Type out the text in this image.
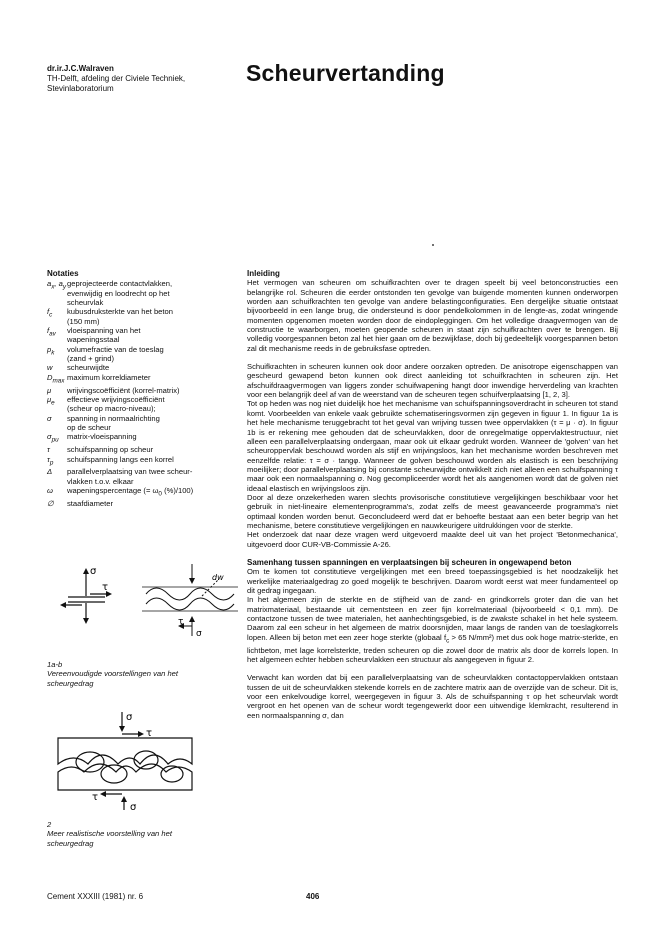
dr.ir.J.C.Walraven
TH-Delft, afdeling der Civiele Techniek,
Stevinlaboratorium
Scheurvertanding
Notaties
$a_x$, $a_y$ geprojecteerde contactvlakken,
evenwijdig en loodrecht op het
scheurvlak
$f_c$	kubusdruksterkte van het beton
(150 mm)
$f_{av}$	vloeispanning van het
wapeningsstaal
$p_k$	volumefractie van de toeslag
(zand + grind)
w	scheurwijdte
$D_{max}$ maximum korreldiameter
μ	wrijvingscoëfficiënt (korrel-matrix)
$\mu_e$	effectieve wrijvingscoëfficiënt
(scheur op macro-niveau);
σ	spanning in normaalrichting
op de scheur
$\sigma_{pu}$	matrix-vloeispanning
τ	schuifspanning op scheur
$\tau_p$	schuifspanning langs een korrel
Δ	parallelverplaatsing van twee scheur-
vlakken t.o.v. elkaar
ω	wapeningspercentage (= $\omega_0$ (%)/100)
∅	staafdiameter
σ
τ
dw
τ
σ
1a-b
Vereenvoudigde voorstellingen van het
scheurgedrag
σ
τ
τ
σ
2
Meer realistische voorstelling van het
scheurgedrag
Inleiding

Het vermogen van scheuren om schuifkrachten over te dragen speelt bij veel betonconstructies een belangrijke rol. Scheuren die eerder ontstonden ten gevolge van buigende momenten kunnen onderworpen worden aan schuifkrachten ten gevolge van andere belastingconfiguraties. Een dergelijke situatie ontstaat bijvoorbeeld in een lange brug, die ondersteund is door pendelkolommen in de lengte-as, zodat wringende momenten opgenomen moeten worden door de eindopleggingen. Om het volledige draagvermogen van de constructie te waarborgen, moeten geopende scheuren in staat zijn schuifkrachten over te brengen. Bij volledig voorgespannen beton zal het hier gaan om de bezwijkfase, doch bij gedeeltelijk voorgespannen beton zal dit mechanisme reeds in de gebruiksfase optreden.

Schuifkrachten in scheuren kunnen ook door andere oorzaken optreden. De anisotrope eigenschappen van gescheurd gewapend beton kunnen ook direct aanleiding tot schuifkrachten in scheuren zijn. Het afschuifdraagvermogen van liggers zonder schuifwapening hangt door inwendige herverdeling van krachten voor een belangrijk deel af van de weerstand van de scheuren tegen schuifverplaatsing [1, 2, 3].

Tot op heden was nog niet duidelijk hoe het mechanisme van schuifspanningsoverdracht in scheuren tot stand komt. Voorbeelden van enkele vaak gebruikte schematiseringsvormen zijn gegeven in figuur 1. In figuur 1a is het hele mechanisme teruggebracht tot het geval van wrijving tussen twee oppervlakken (τ = μ · σ). In figuur 1b is er rekening mee gehouden dat de scheurvlakken, door de onregelmatige oppervlaktestructuur, niet alleen een parallelverplaatsing ondergaan, maar ook uit elkaar gedrukt worden. Wanneer de 'golven' van het scheuroppervlak beschouwd worden als stijf en wrijvingsloos, kan het mechanisme worden beschreven met eenzelfde relatie: τ = σ · tangφ. Wanneer de golven beschouwd worden als elastisch is een beschrijving moeilijker; door parallelverplaatsing bij constante scheurwijdte ontwikkelt zich niet alleen een schuifspanning τ maar ook een normaalspanning σ. Nog gecompliceerder wordt het als aangenomen wordt dat de golven niet ideaal elastisch en wrijvingsloos zijn.

Door al deze onzekerheden waren slechts provisorische constitutieve vergelijkingen beschikbaar voor het gebruik in niet-lineaire elementenprogramma's, zodat zelfs de meest geavanceerde programma's niet optimaal konden worden benut. Geconcludeerd werd dat er behoefte bestaat aan een beter begrip van het mechanisme, betere constitutieve vergelijkingen en nauwkeurigere uitdrukkingen voor de sterkte.

Het onderzoek dat naar deze vragen werd uitgevoerd maakte deel uit van het project 'Betonmechanica', uitgevoerd door CUR-VB-Commissie A-26.

Samenhang tussen spanningen en verplaatsingen bij scheuren in ongewapend beton

Om te komen tot constitutieve vergelijkingen met een breed toepassingsgebied is het noodzakelijk het werkelijke materiaalgedrag zo goed mogelijk te beschrijven. Daarom wordt eerst wat meer fundamenteel op dit gedrag ingegaan.

In het algemeen zijn de sterkte en de stijfheid van de zand- en grindkorrels groter dan die van het matrixmateriaal, bestaande uit cementsteen en zeer fijn korrelmateriaal (bijvoorbeeld < 0,1 mm). De contactzone tussen de twee materialen, het aanhechtingsgebied, is de zwakste schakel in het hele systeem. Daarom zal een scheur in het algemeen de matrix doorsnijden, maar langs de randen van de toeslagkorrels lopen. Alleen bij beton met een zeer hoge sterkte (globaal $f_c > 65$ N/mm²) met dus ook hoge matrix-sterkte, en lichtbeton, met lage korrelsterkte, treden scheuren op die zowel door de matrix als door de korrels lopen. In het algemeen echter hebben scheurvlakken een structuur als aangegeven in figuur 2.

Verwacht kan worden dat bij een parallelverplaatsing van de scheurvlakken contactoppervlakken ontstaan tussen de uit de scheurvlakken stekende korrels en de zachtere matrix aan de overzijde van de scheur. Dit is, voor een enkelvoudige korrel, weergegeven in figuur 3. Als de schuifspanning τ op het scheurvlak wordt vergroot en het openen van de scheur wordt tegengewerkt door een uitwendige klemkracht, resulterend in een normaalspanning σ, dan

Cement XXXIII (1981) nr. 6	406
